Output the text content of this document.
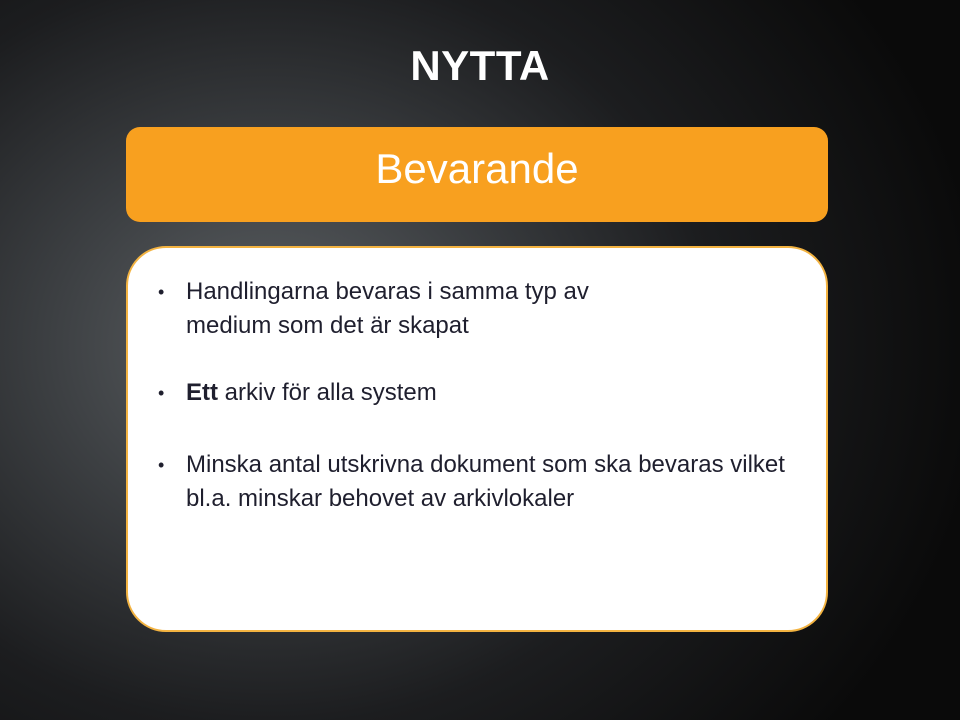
NYTTA
Bevarande
• Handlingarna bevaras i samma typ av medium som det är skapat
• Ett arkiv för alla system
• Minska antal utskrivna dokument som ska bevaras vilket bl.a. minskar behovet av arkivlokaler
